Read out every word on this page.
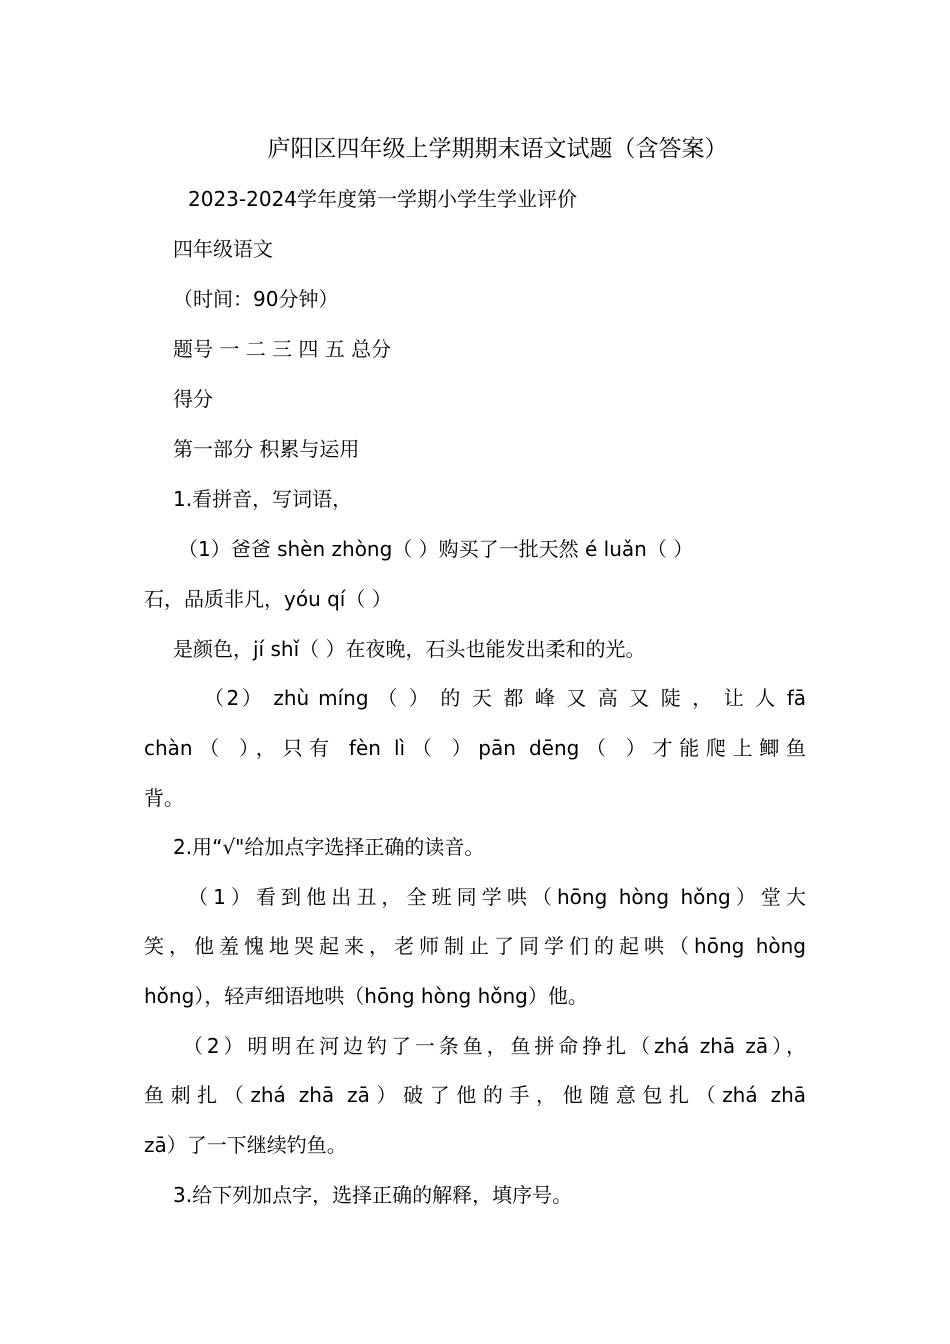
庐阳区四年级上学期期末语文试题（含答案）
2023-2024学年度第一学期小学生学业评价
四年级语文
（时间：90分钟）
题号 一 二 三 四 五 总分
得分
第一部分 积累与运用
1.看拼音，写词语，
（1）爸爸 shèn zhòng（ ）购买了一批天然 é luǎn（ ）
石，品质非凡，yóu qí（ ）
是颜色，jí shǐ（ ）在夜晚，石头也能发出柔和的光。
（2） zhù míng （ ） 的 天 都 峰 又 高 又 陡 ， 让 人 fā
chàn（ ），只有 fèn lì（ ）pān dēng（ ）才能爬上鲫鱼
背。
2.用“√"给加点字选择正确的读音。
（1）看到他出丑，全班同学哄（hōng hòng hǒng）堂大
笑，他羞愧地哭起来，老师制止了同学们的起哄（hōng hòng
hǒng），轻声细语地哄（hōng hòng hǒng）他。
（2）明明在河边钓了一条鱼，鱼拼命挣扎（zhá zhā zā），
鱼刺扎（zhá zhā zā）破了他的手，他随意包扎（zhá zhā
zā）了一下继续钓鱼。
3.给下列加点字，选择正确的解释，填序号。
